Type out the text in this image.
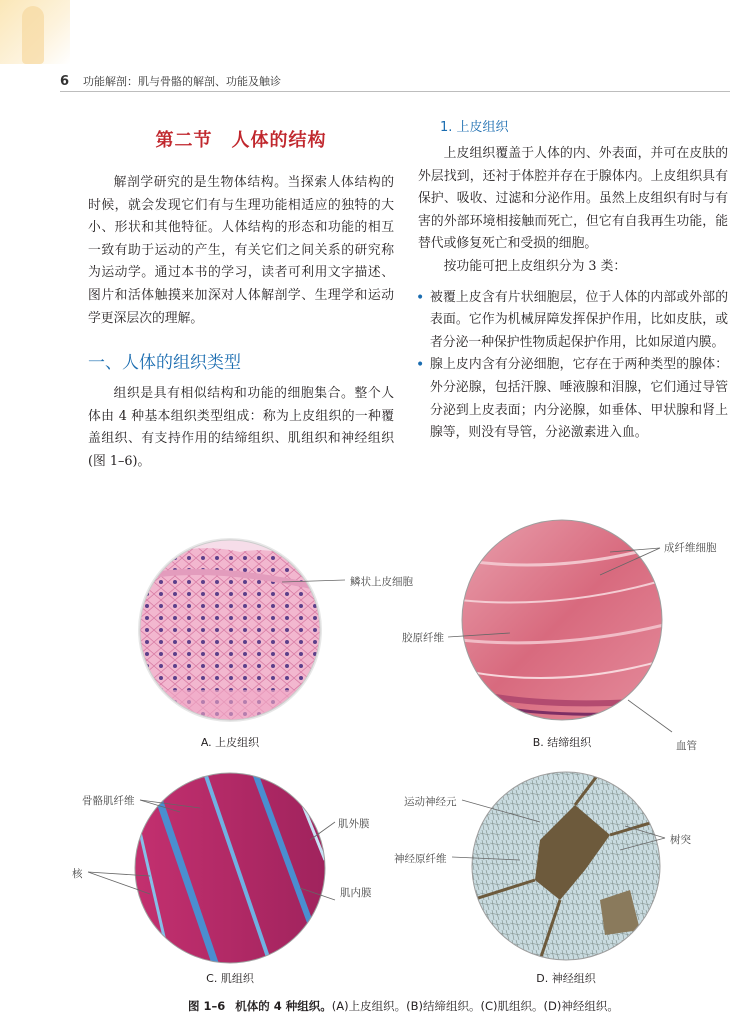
6 功能解剖：肌与骨骼的解剖、功能及触诊
第二节　人体的结构

解剖学研究的是生物体结构。当探索人体结构的时候，就会发现它们有与生理功能相适应的独特的大小、形状和其他特征。人体结构的形态和功能的相互一致有助于运动的产生，有关它们之间关系的研究称为运动学。通过本书的学习，读者可利用文字描述、图片和活体触摸来加深对人体解剖学、生理学和运动学更深层次的理解。

一、人体的组织类型

组织是具有相似结构和功能的细胞集合。整个人体由 4 种基本组织类型组成：称为上皮组织的一种覆盖组织、有支持作用的结缔组织、肌组织和神经组织(图 1–6)。

1. 上皮组织

上皮组织覆盖于人体的内、外表面，并可在皮肤的外层找到，还衬于体腔并存在于腺体内。上皮组织具有保护、吸收、过滤和分泌作用。虽然上皮组织有时与有害的外部环境相接触而死亡，但它有自我再生功能，能替代或修复死亡和受损的细胞。

按功能可把上皮组织分为 3 类：

• 被覆上皮含有片状细胞层，位于人体的内部或外部的表面。它作为机械屏障发挥保护作用，比如皮肤，或者分泌一种保护性物质起保护作用，比如尿道内膜。
• 腺上皮内含有分泌细胞，它存在于两种类型的腺体：外分泌腺，包括汗腺、唾液腺和泪腺，它们通过导管分泌到上皮表面；内分泌腺，如垂体、甲状腺和肾上腺等，则没有导管，分泌激素进入血。
鳞状上皮细胞
A. 上皮组织
成纤维细胞
胶原纤维
血管
B. 结缔组织
骨骼肌纤维
肌外膜
核
肌内膜
C. 肌组织
运动神经元
树突
神经原纤维
D. 神经组织
图 1–6 机体的 4 种组织。(A)上皮组织。(B)结缔组织。(C)肌组织。(D)神经组织。
